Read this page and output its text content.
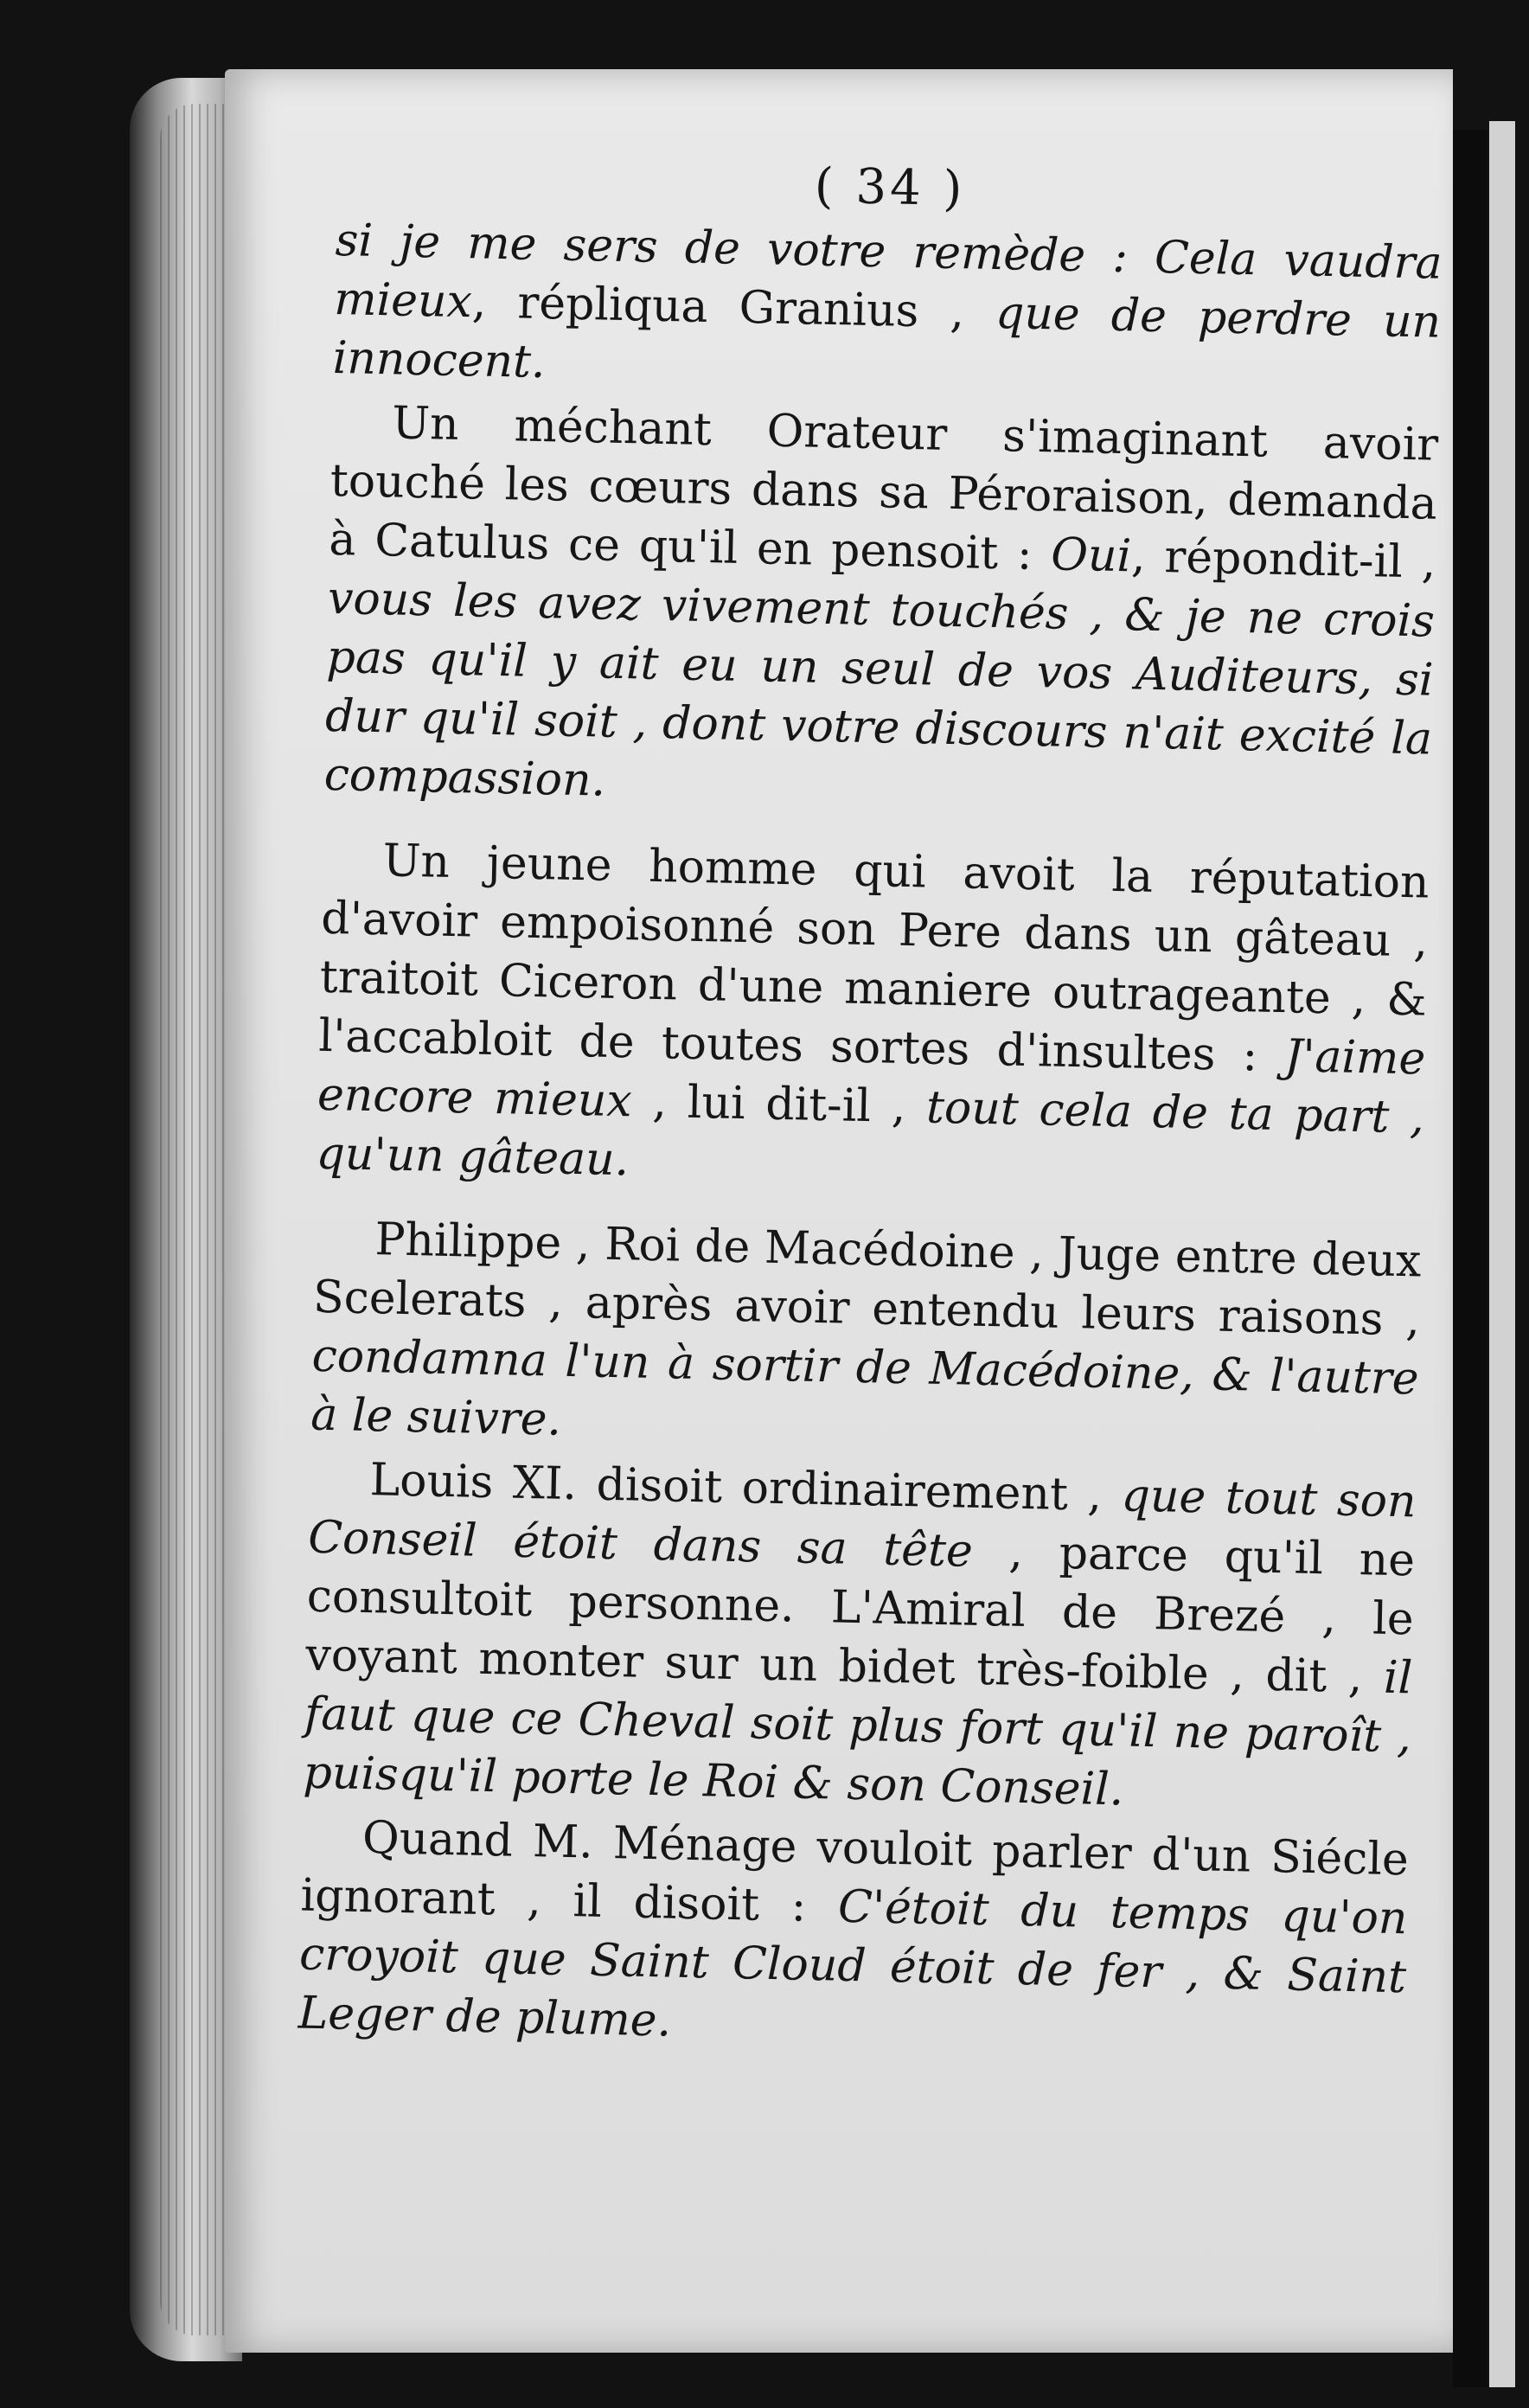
( 34 )

si je me sers de votre remède : Cela vaudra mieux, répliqua Granius , que de perdre un innocent.

Un méchant Orateur s'imaginant avoir touché les cœurs dans sa Péroraison, demanda à Catulus ce qu'il en pensoit : Oui, répondit-il , vous les avez vivement touchés , & je ne crois pas qu'il y ait eu un seul de vos Auditeurs, si dur qu'il soit , dont votre discours n'ait excité la compassion.

Un jeune homme qui avoit la réputation d'avoir empoisonné son Pere dans un gâteau , traitoit Ciceron d'une maniere outrageante , & l'accabloit de toutes sortes d'insultes : J'aime encore mieux , lui dit-il , tout cela de ta part , qu'un gâteau.

Philippe , Roi de Macédoine , Juge entre deux Scelerats , après avoir entendu leurs raisons , condamna l'un à sortir de Macédoine, & l'autre à le suivre.

Louis XI. disoit ordinairement , que tout son Conseil étoit dans sa tête , parce qu'il ne consultoit personne. L'Amiral de Brezé , le voyant monter sur un bidet très-foible , dit , il faut que ce Cheval soit plus fort qu'il ne paroît , puisqu'il porte le Roi & son Conseil.

Quand M. Ménage vouloit parler d'un Siécle ignorant , il disoit : C'étoit du temps qu'on croyoit que Saint Cloud étoit de fer , & Saint Leger de plume.
